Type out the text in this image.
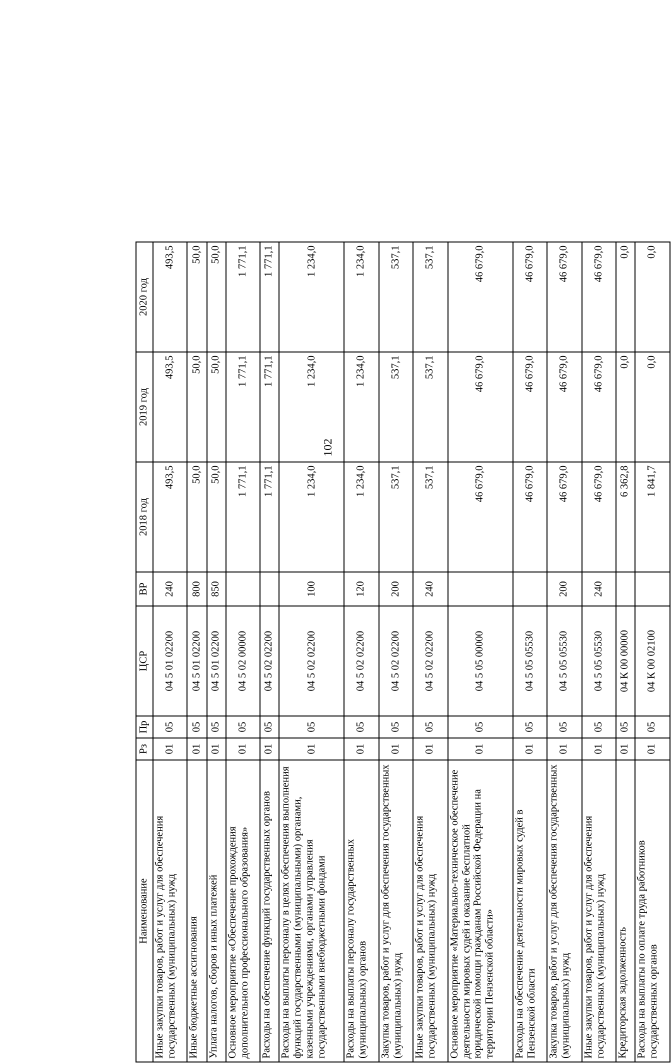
102
Наименование	Рз	Пр	ЦСР	ВР	2018 год	2019 год	2020 год
Иные закупки товаров, работ и услуг для обеспечения государственных (муниципальных) нужд	01	05	04 5 01 02200	240	493,5	493,5	493,5
Иные бюджетные ассигнования	01	05	04 5 01 02200	800	50,0	50,0	50,0
Уплата налогов, сборов и иных платежей	01	05	04 5 01 02200	850	50,0	50,0	50,0
Основное мероприятие «Обеспечение прохождения дополнительного профессионального образования»	01	05	04 5 02 00000		1 771,1	1 771,1	1 771,1
Расходы на обеспечение функций государственных органов	01	05	04 5 02 02200		1 771,1	1 771,1	1 771,1
Расходы на выплаты персоналу в целях обеспечения выполнения функций государственными (муниципальными) органами, казенными учреждениями, органами управления государственными внебюджетными фондами	01	05	04 5 02 02200	100	1 234,0	1 234,0	1 234,0
Расходы на выплаты персоналу государственных (муниципальных) органов	01	05	04 5 02 02200	120	1 234,0	1 234,0	1 234,0
Закупка товаров, работ и услуг для обеспечения государственных (муниципальных) нужд	01	05	04 5 02 02200	200	537,1	537,1	537,1
Иные закупки товаров, работ и услуг для обеспечения государственных (муниципальных) нужд	01	05	04 5 02 02200	240	537,1	537,1	537,1
Основное мероприятие «Материально-техническое обеспечение деятельности мировых судей и оказание бесплатной юридической помощи гражданам Российской Федерации на территории Пензенской области»	01	05	04 5 05 00000		46 679,0	46 679,0	46 679,0
Расходы на обеспечение деятельности мировых судей в Пензенской области	01	05	04 5 05 05530		46 679,0	46 679,0	46 679,0
Закупка товаров, работ и услуг для обеспечения государственных (муниципальных) нужд	01	05	04 5 05 05530	200	46 679,0	46 679,0	46 679,0
Иные закупки товаров, работ и услуг для обеспечения государственных (муниципальных) нужд	01	05	04 5 05 05530	240	46 679,0	46 679,0	46 679,0
Кредиторская задолженность	01	05	04 К 00 00000		6 362,8	0,0	0,0
Расходы на выплаты по оплате труда работников государственных органов	01	05	04 К 00 02100		1 841,7	0,0	0,0
